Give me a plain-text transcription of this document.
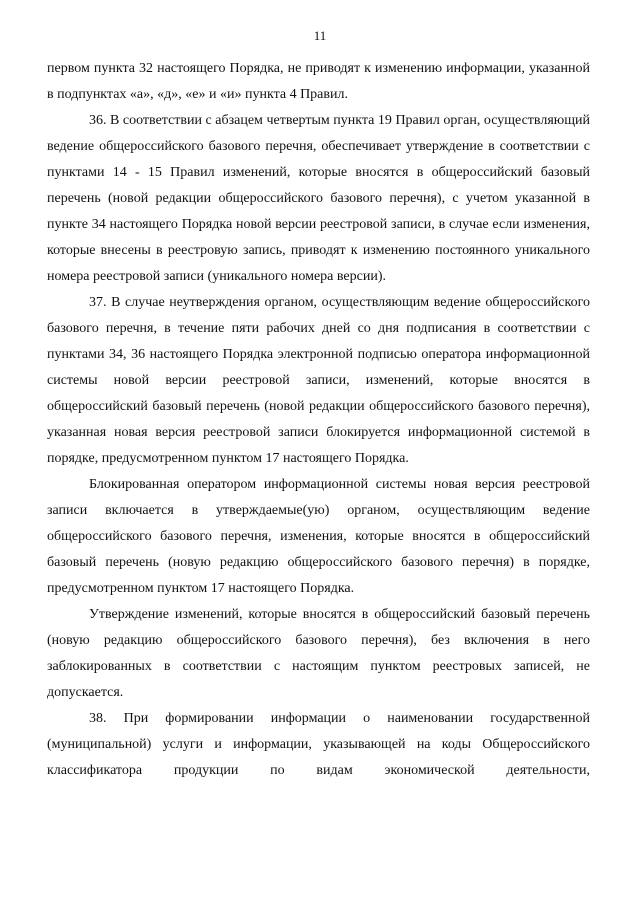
11

первом пункта 32 настоящего Порядка, не приводят к изменению информации, указанной в подпунктах «а», «д», «е» и «и» пункта 4 Правил.

36. В соответствии с абзацем четвертым пункта 19 Правил орган, осуществляющий ведение общероссийского базового перечня, обеспечивает утверждение в соответствии с пунктами 14 - 15 Правил изменений, которые вносятся в общероссийский базовый перечень (новой редакции общероссийского базового перечня), с учетом указанной в пункте 34 настоящего Порядка новой версии реестровой записи, в случае если изменения, которые внесены в реестровую запись, приводят к изменению постоянного уникального номера реестровой записи (уникального номера версии).

37. В случае неутверждения органом, осуществляющим ведение общероссийского базового перечня, в течение пяти рабочих дней со дня подписания в соответствии с пунктами 34, 36 настоящего Порядка электронной подписью оператора информационной системы новой версии реестровой записи, изменений, которые вносятся в общероссийский базовый перечень (новой редакции общероссийского базового перечня), указанная новая версия реестровой записи блокируется информационной системой в порядке, предусмотренном пунктом 17 настоящего Порядка.

Блокированная оператором информационной системы новая версия реестровой записи включается в утверждаемые(ую) органом, осуществляющим ведение общероссийского базового перечня, изменения, которые вносятся в общероссийский базовый перечень (новую редакцию общероссийского базового перечня) в порядке, предусмотренном пунктом 17 настоящего Порядка.

Утверждение изменений, которые вносятся в общероссийский базовый перечень (новую редакцию общероссийского базового перечня), без включения в него заблокированных в соответствии с настоящим пунктом реестровых записей, не допускается.

38. При формировании информации о наименовании государственной (муниципальной) услуги и информации, указывающей на коды Общероссийского классификатора продукции по видам экономической деятельности,
